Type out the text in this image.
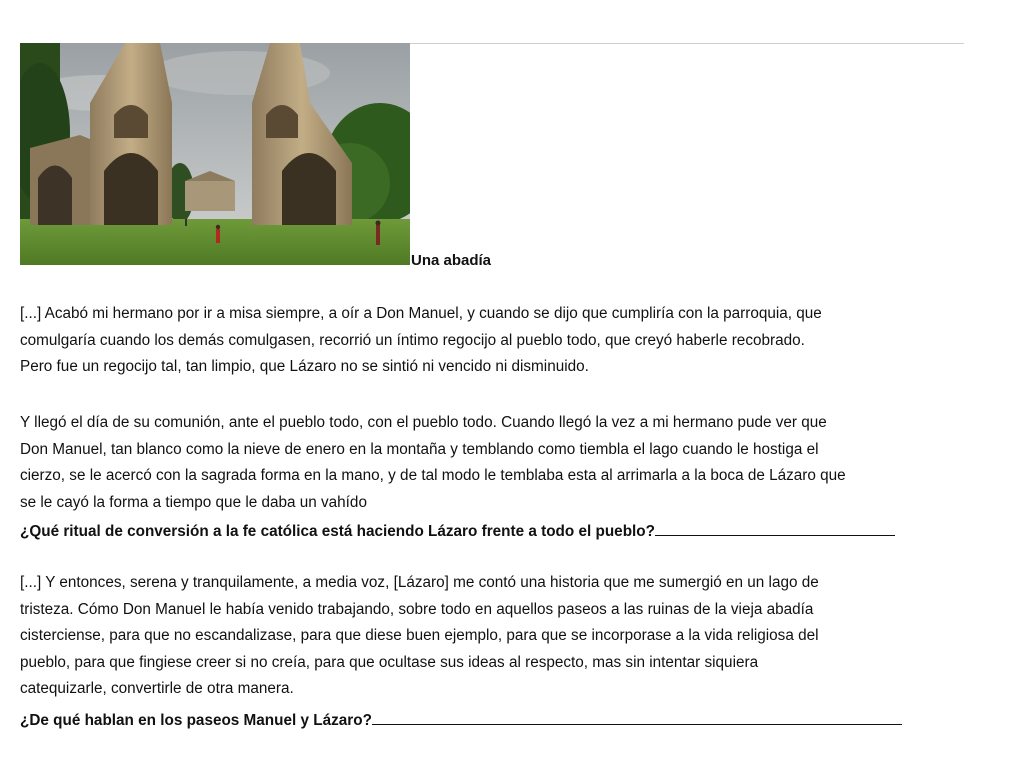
Una abadía
[...] Acabó mi hermano por ir a misa siempre, a oír a Don Manuel, y cuando se dijo que cumpliría con la parroquia, que
comulgaría cuando los demás comulgasen, recorrió un íntimo regocijo al pueblo todo, que creyó haberle recobrado.
Pero fue un regocijo tal, tan limpio, que Lázaro no se sintió ni vencido ni disminuido.
Y llegó el día de su comunión, ante el pueblo todo, con el pueblo todo. Cuando llegó la vez a mi hermano pude ver que
Don Manuel, tan blanco como la nieve de enero en la montaña y temblando como tiembla el lago cuando le hostiga el
cierzo, se le acercó con la sagrada forma en la mano, y de tal modo le temblaba esta al arrimarla a la boca de Lázaro que
se le cayó la forma a tiempo que le daba un vahído
¿Qué ritual de conversión a la fe católica está haciendo Lázaro frente a todo el pueblo?
[...] Y entonces, serena y tranquilamente, a media voz, [Lázaro] me contó una historia que me sumergió en un lago de
tristeza. Cómo Don Manuel le había venido trabajando, sobre todo en aquellos paseos a las ruinas de la vieja abadía
cisterciense, para que no escandalizase, para que diese buen ejemplo, para que se incorporase a la vida religiosa del
pueblo, para que fingiese creer si no creía, para que ocultase sus ideas al respecto, mas sin intentar siquiera
catequizarle, convertirle de otra manera.
¿De qué hablan en los paseos Manuel y Lázaro?
